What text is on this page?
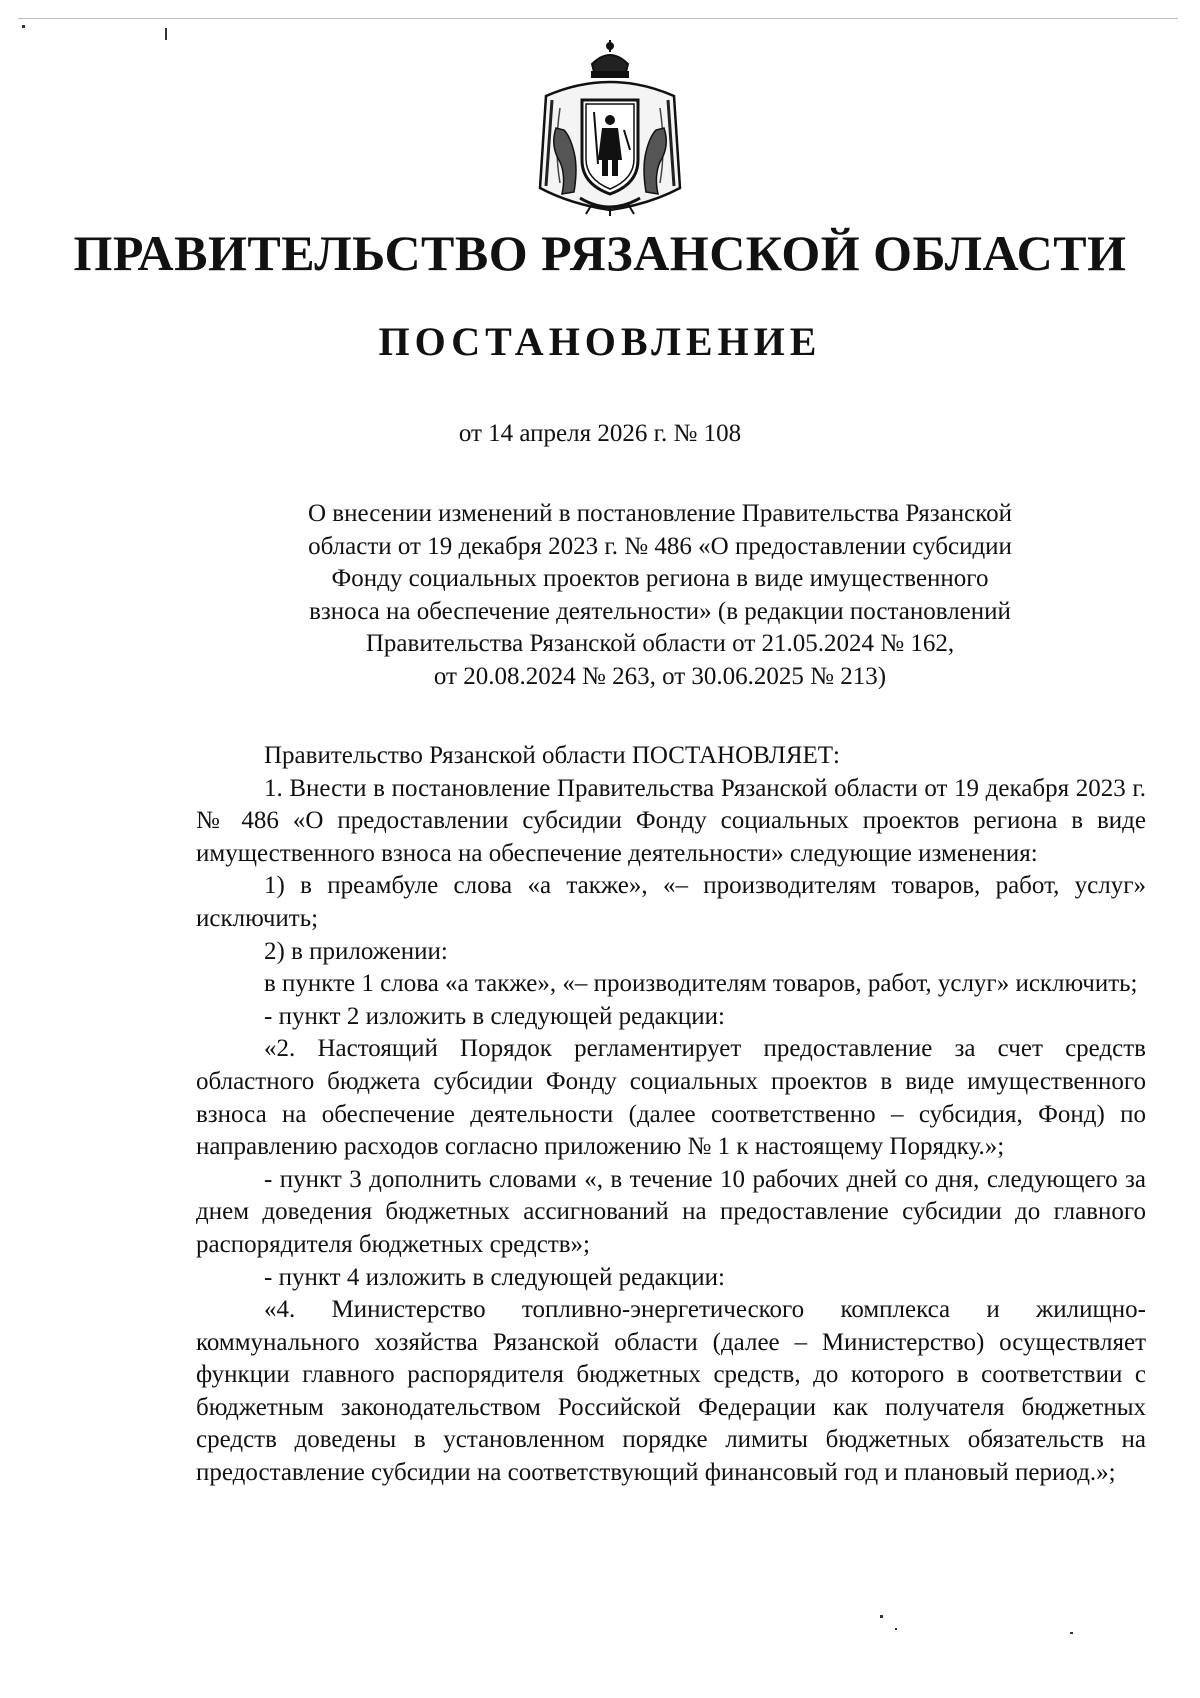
ПРАВИТЕЛЬСТВО РЯЗАНСКОЙ ОБЛАСТИ
ПОСТАНОВЛЕНИЕ
от 14 апреля 2026 г. № 108
О внесении изменений в постановление Правительства Рязанской
области от 19 декабря 2023 г. № 486 «О предоставлении субсидии
Фонду социальных проектов региона в виде имущественного
взноса на обеспечение деятельности» (в редакции постановлений
Правительства Рязанской области от 21.05.2024 № 162,
от 20.08.2024 № 263, от 30.06.2025 № 213)

Правительство Рязанской области ПОСТАНОВЛЯЕТ:

1. Внести в постановление Правительства Рязанской области от 19 декабря 2023 г. № 486 «О предоставлении субсидии Фонду социальных проектов региона в виде имущественного взноса на обеспечение деятельности» следующие изменения:

1) в преамбуле слова «а также», «– производителям товаров, работ, услуг» исключить;

2) в приложении:

в пункте 1 слова «а также», «– производителям товаров, работ, услуг» исключить;

- пункт 2 изложить в следующей редакции:

«2. Настоящий Порядок регламентирует предоставление за счет средств областного бюджета субсидии Фонду социальных проектов в виде имущественного взноса на обеспечение деятельности (далее соответственно – субсидия, Фонд) по направлению расходов согласно приложению № 1 к настоящему Порядку.»;

- пункт 3 дополнить словами «, в течение 10 рабочих дней со дня, следующего за днем доведения бюджетных ассигнований на предоставление субсидии до главного распорядителя бюджетных средств»;

- пункт 4 изложить в следующей редакции:

«4. Министерство топливно-энергетического комплекса и жилищно-коммунального хозяйства Рязанской области (далее – Министерство) осуществляет функции главного распорядителя бюджетных средств, до которого в соответствии с бюджетным законодательством Российской Федерации как получателя бюджетных средств доведены в установленном порядке лимиты бюджетных обязательств на предоставление субсидии на соответствующий финансовый год и плановый период.»;
